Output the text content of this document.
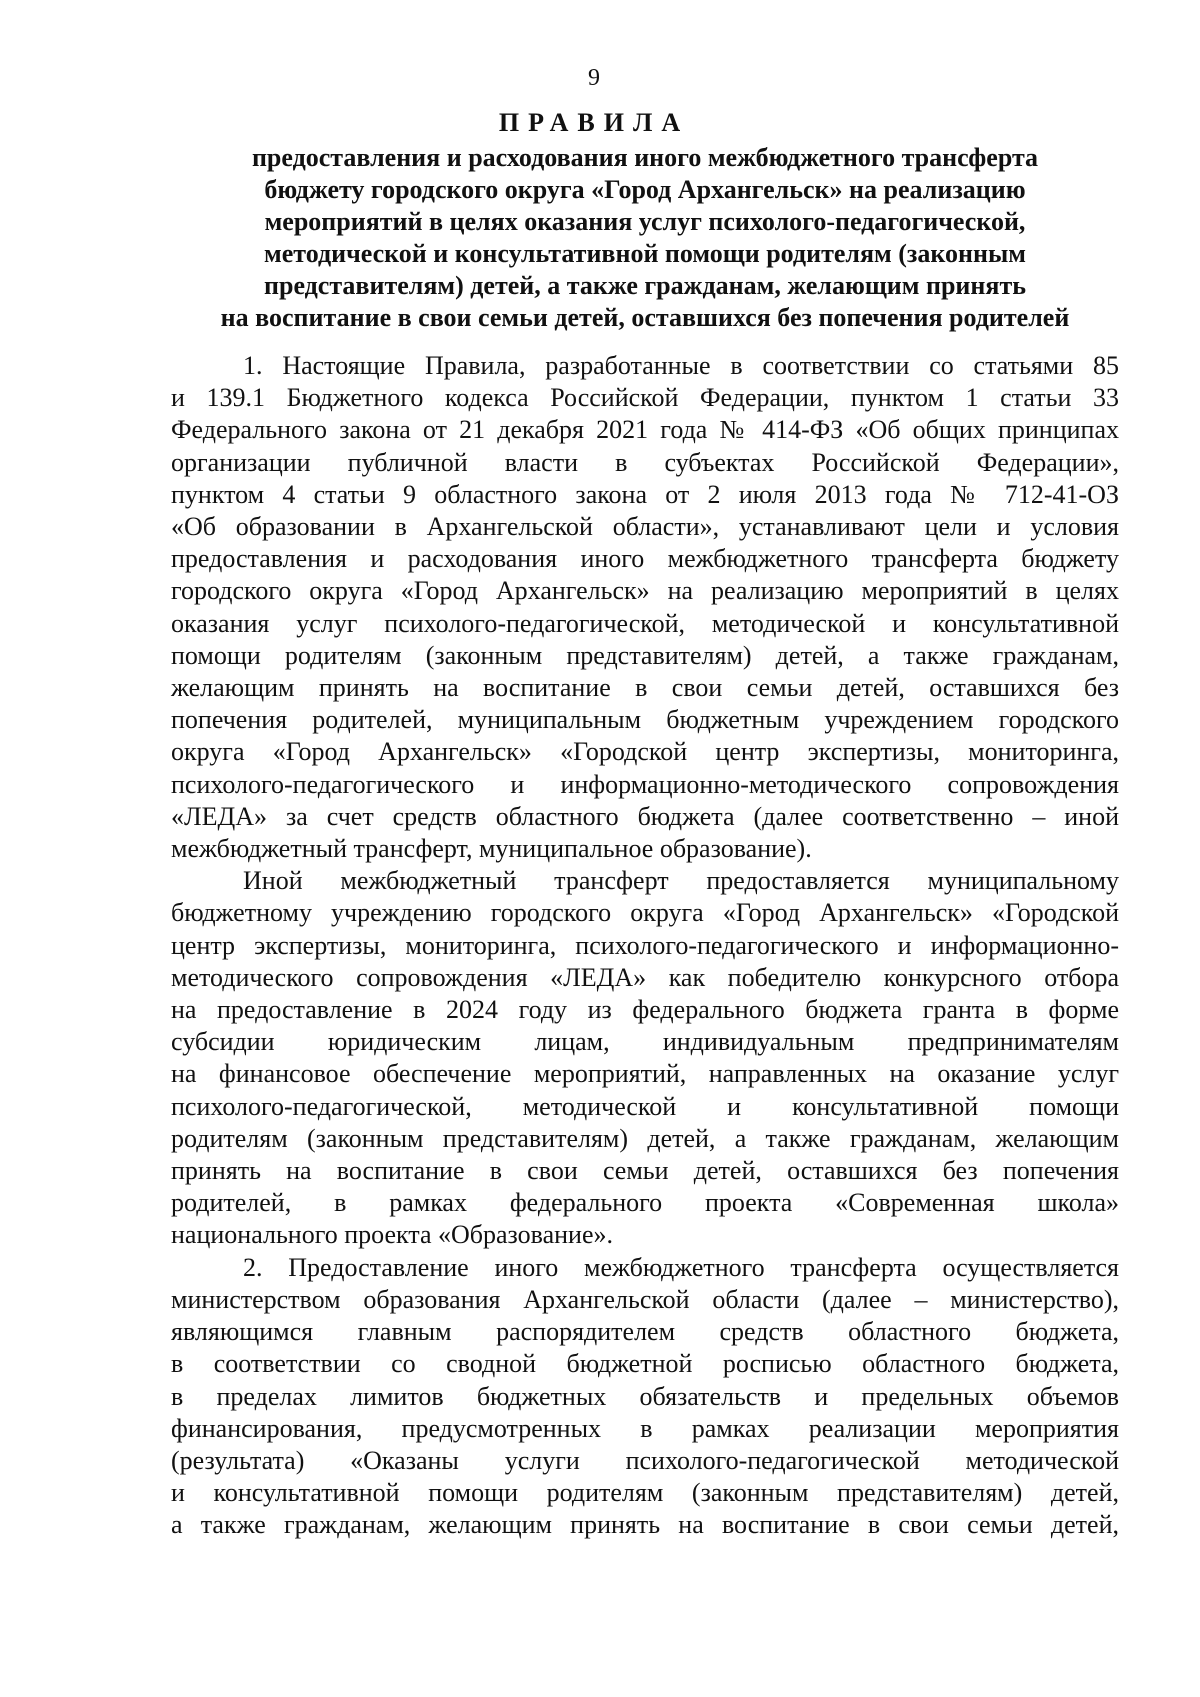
9
ПРАВИЛА
предоставления и расходования иного межбюджетного трансферта
бюджету городского округа «Город Архангельск» на реализацию
мероприятий в целях оказания услуг психолого-педагогической,
методической и консультативной помощи родителям (законным
представителям) детей, а также гражданам, желающим принять
на воспитание в свои семьи детей, оставшихся без попечения родителей
1. Настоящие Правила, разработанные в соответствии со статьями 85
и 139.1 Бюджетного кодекса Российской Федерации, пунктом 1 статьи 33
Федерального закона от 21 декабря 2021 года № 414-ФЗ «Об общих принципах
организации публичной власти в субъектах Российской Федерации»,
пунктом 4 статьи 9 областного закона от 2 июля 2013 года № 712-41-ОЗ
«Об образовании в Архангельской области», устанавливают цели и условия
предоставления и расходования иного межбюджетного трансферта бюджету
городского округа «Город Архангельск» на реализацию мероприятий в целях
оказания услуг психолого-педагогической, методической и консультативной
помощи родителям (законным представителям) детей, а также гражданам,
желающим принять на воспитание в свои семьи детей, оставшихся без
попечения родителей, муниципальным бюджетным учреждением городского
округа «Город Архангельск» «Городской центр экспертизы, мониторинга,
психолого-педагогического и информационно-методического сопровождения
«ЛЕДА» за счет средств областного бюджета (далее соответственно – иной
межбюджетный трансферт, муниципальное образование).
Иной межбюджетный трансферт предоставляется муниципальному
бюджетному учреждению городского округа «Город Архангельск» «Городской
центр экспертизы, мониторинга, психолого-педагогического и информационно-
методического сопровождения «ЛЕДА» как победителю конкурсного отбора
на предоставление в 2024 году из федерального бюджета гранта в форме
субсидии юридическим лицам, индивидуальным предпринимателям
на финансовое обеспечение мероприятий, направленных на оказание услуг
психолого-педагогической, методической и консультативной помощи
родителям (законным представителям) детей, а также гражданам, желающим
принять на воспитание в свои семьи детей, оставшихся без попечения
родителей, в рамках федерального проекта «Современная школа»
национального проекта «Образование».
2. Предоставление иного межбюджетного трансферта осуществляется
министерством образования Архангельской области (далее – министерство),
являющимся главным распорядителем средств областного бюджета,
в соответствии со сводной бюджетной росписью областного бюджета,
в пределах лимитов бюджетных обязательств и предельных объемов
финансирования, предусмотренных в рамках реализации мероприятия
(результата) «Оказаны услуги психолого-педагогической методической
и консультативной помощи родителям (законным представителям) детей,
а также гражданам, желающим принять на воспитание в свои семьи детей,
